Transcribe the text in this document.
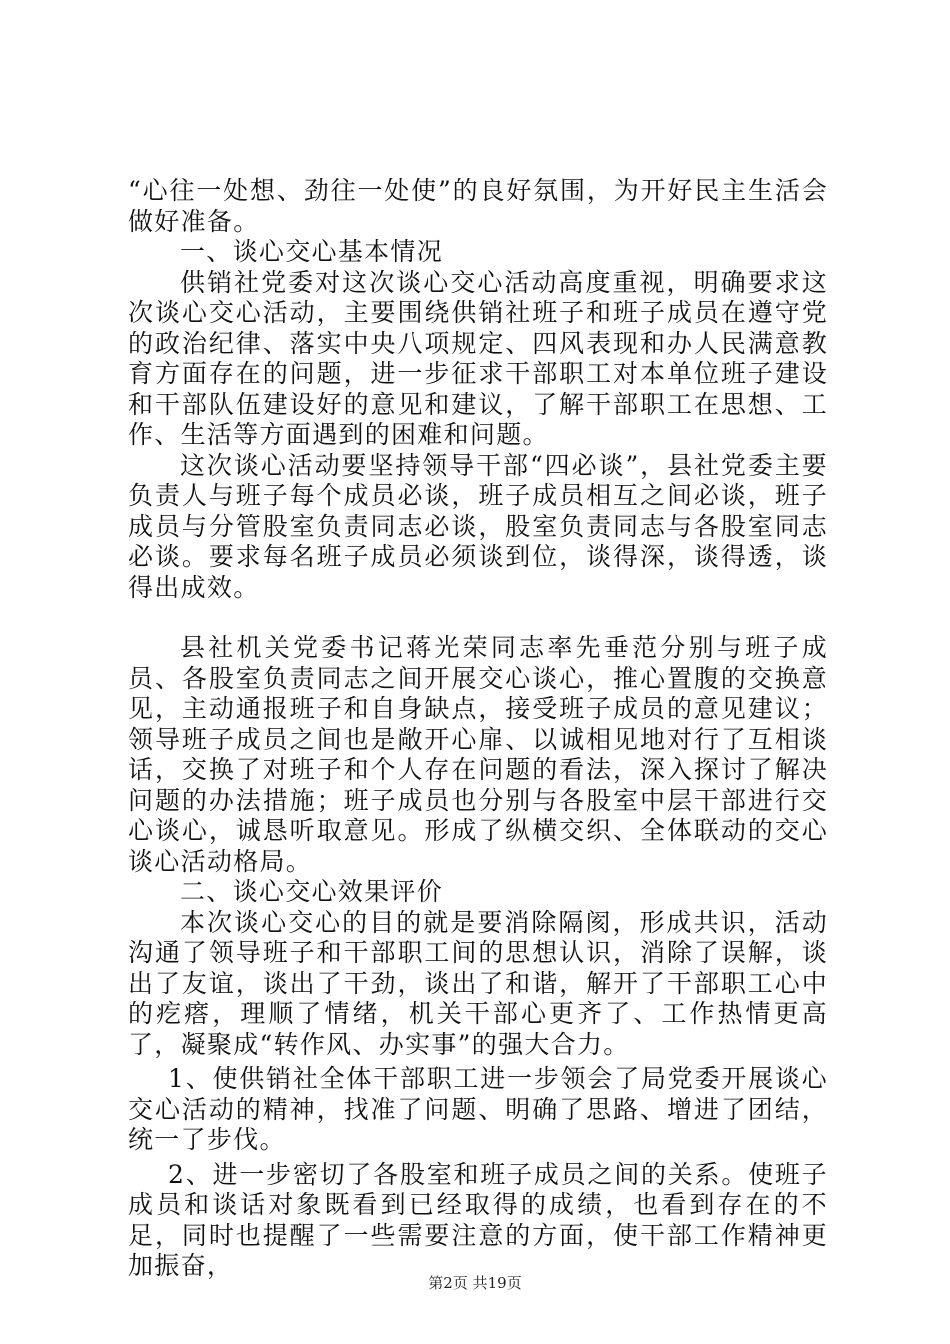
“心往一处想、劲往一处使”的良好氛围，为开好民主生活会做好准备。

一、谈心交心基本情况

供销社党委对这次谈心交心活动高度重视，明确要求这次谈心交心活动，主要围绕供销社班子和班子成员在遵守党的政治纪律、落实中央八项规定、四风表现和办人民满意教育方面存在的问题，进一步征求干部职工对本单位班子建设和干部队伍建设好的意见和建议，了解干部职工在思想、工作、生活等方面遇到的困难和问题。

这次谈心活动要坚持领导干部“四必谈”，县社党委主要负责人与班子每个成员必谈，班子成员相互之间必谈，班子成员与分管股室负责同志必谈，股室负责同志与各股室同志必谈。要求每名班子成员必须谈到位，谈得深，谈得透，谈得出成效。

县社机关党委书记蒋光荣同志率先垂范分别与班子成员、各股室负责同志之间开展交心谈心，推心置腹的交换意见，主动通报班子和自身缺点，接受班子成员的意见建议；领导班子成员之间也是敞开心扉、以诚相见地对行了互相谈话，交换了对班子和个人存在问题的看法，深入探讨了解决问题的办法措施；班子成员也分别与各股室中层干部进行交心谈心，诚恳听取意见。形成了纵横交织、全体联动的交心谈心活动格局。

二、谈心交心效果评价

本次谈心交心的目的就是要消除隔阂，形成共识，活动沟通了领导班子和干部职工间的思想认识，消除了误解，谈出了友谊，谈出了干劲，谈出了和谐，解开了干部职工心中的疙瘩，理顺了情绪，机关干部心更齐了、工作热情更高了，凝聚成“转作风、办实事”的强大合力。

1、使供销社全体干部职工进一步领会了局党委开展谈心交心活动的精神，找准了问题、明确了思路、增进了团结，统一了步伐。

2、进一步密切了各股室和班子成员之间的关系。使班子成员和谈话对象既看到已经取得的成绩，也看到存在的不足，同时也提醒了一些需要注意的方面，使干部工作精神更加振奋，

第2页 共19页
